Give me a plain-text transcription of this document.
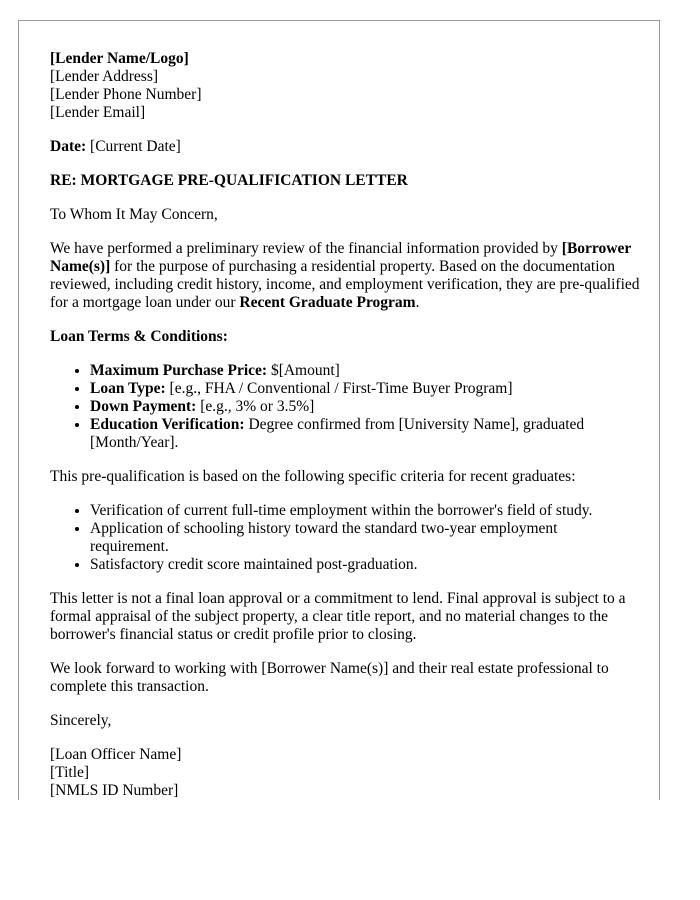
[Lender Name/Logo]

[Lender Address]

[Lender Phone Number]

[Lender Email]

Date: [Current Date]

RE: MORTGAGE PRE-QUALIFICATION LETTER

To Whom It May Concern,

We have performed a preliminary review of the financial information provided by [Borrower Name(s)] for the purpose of purchasing a residential property. Based on the documentation reviewed, including credit history, income, and employment verification, they are pre-qualified for a mortgage loan under our Recent Graduate Program.

Loan Terms & Conditions:

• Maximum Purchase Price: $[Amount]
• Loan Type: [e.g., FHA / Conventional / First-Time Buyer Program]
• Down Payment: [e.g., 3% or 3.5%]
• Education Verification: Degree confirmed from [University Name], graduated [Month/Year].

This pre-qualification is based on the following specific criteria for recent graduates:

• Verification of current full-time employment within the borrower's field of study.
• Application of schooling history toward the standard two-year employment requirement.
• Satisfactory credit score maintained post-graduation.

This letter is not a final loan approval or a commitment to lend. Final approval is subject to a formal appraisal of the subject property, a clear title report, and no material changes to the borrower's financial status or credit profile prior to closing.

We look forward to working with [Borrower Name(s)] and their real estate professional to complete this transaction.

Sincerely,

[Loan Officer Name]

[Title]

[NMLS ID Number]
